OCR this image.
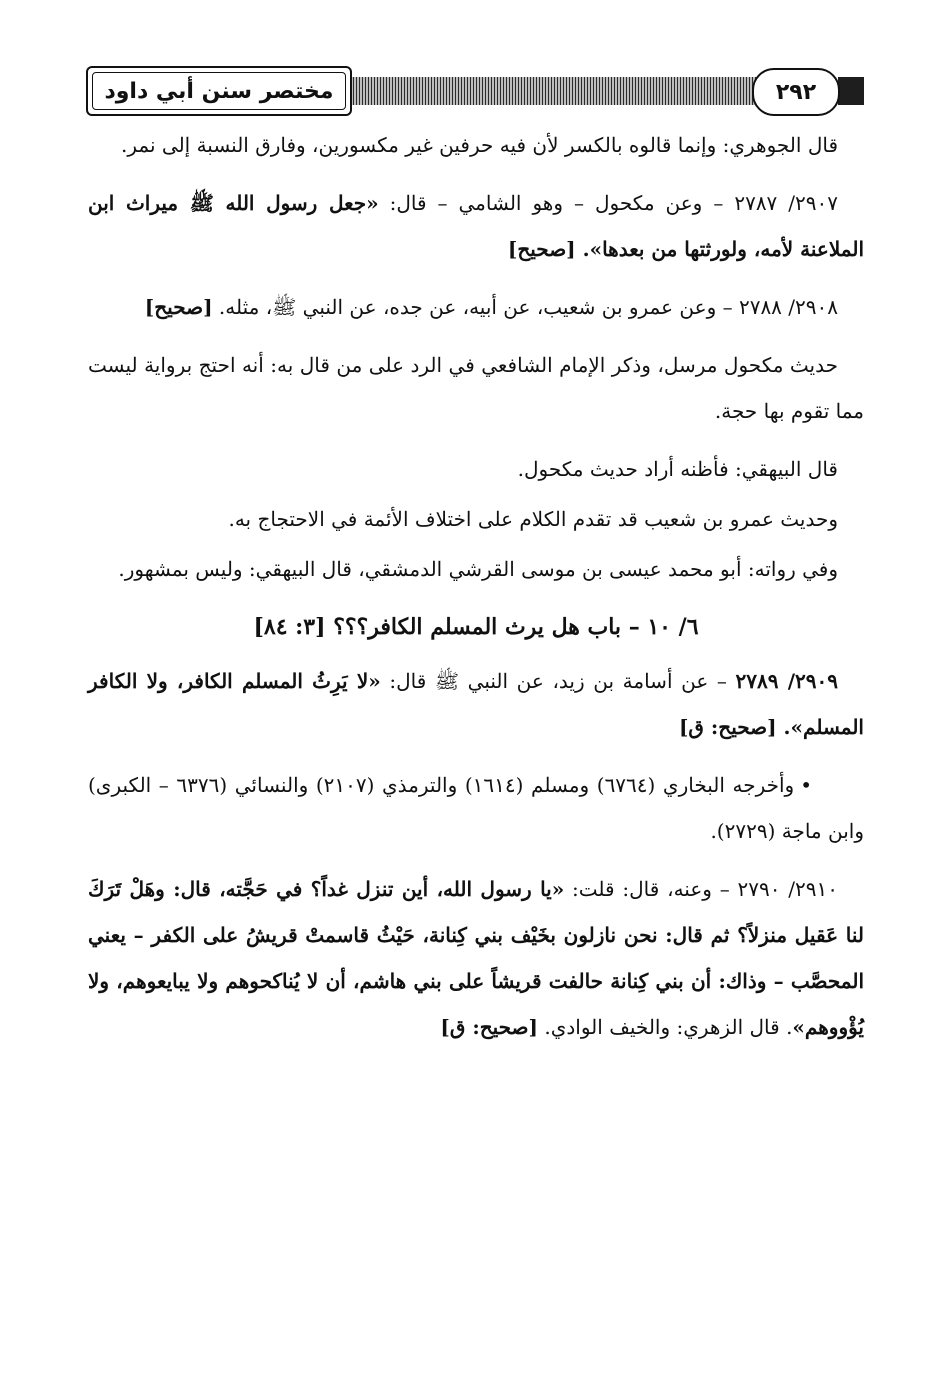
مختصر سنن أبي داود	٢٩٢

قال الجوهري: وإنما قالوه بالكسر لأن فيه حرفين غير مكسورين، وفارق النسبة إلى نمر.

٢٩٠٧/ ٢٧٨٧ – وعن مكحول – وهو الشامي – قال: «جعل رسول الله ﷺ ميراث ابن الملاعنة لأمه، ولورثتها من بعدها». [صحيح]

٢٩٠٨/ ٢٧٨٨ – وعن عمرو بن شعيب، عن أبيه، عن جده، عن النبي ﷺ، مثله. [صحيح]

حديث مكحول مرسل، وذكر الإمام الشافعي في الرد على من قال به: أنه احتج برواية ليست مما تقوم بها حجة.

قال البيهقي: فأظنه أراد حديث مكحول.

وحديث عمرو بن شعيب قد تقدم الكلام على اختلاف الأئمة في الاحتجاج به.

وفي رواته: أبو محمد عيسى بن موسى القرشي الدمشقي، قال البيهقي: وليس بمشهور.

٦/ ١٠ – باب هل يرث المسلم الكافر؟؟؟ [٣: ٨٤]

٢٩٠٩/ ٢٧٨٩ – عن أسامة بن زيد، عن النبي ﷺ قال: «لا يَرِثُ المسلم الكافر، ولا الكافر المسلم». [صحيح: ق]

•وأخرجه البخاري (٦٧٦٤) ومسلم (١٦١٤) والترمذي (٢١٠٧) والنسائي (٦٣٧٦ – الكبرى) وابن ماجة (٢٧٢٩).

٢٩١٠/ ٢٧٩٠ – وعنه، قال: قلت: «يا رسول الله، أين تنزل غداً؟ في حَجَّته، قال: وهَلْ تَرَكَ لنا عَقيل منزلاً؟ ثم قال: نحن نازلون بخَيْف بني كِنانة، حَيْثُ قاسمتْ قريشُ على الكفر – يعني المحصَّب – وذاك: أن بني كِنانة حالفت قريشاً على بني هاشم، أن لا يُناكحوهم ولا يبايعوهم، ولا يُؤْووهم». قال الزهري: والخيف الوادي. [صحيح: ق]
